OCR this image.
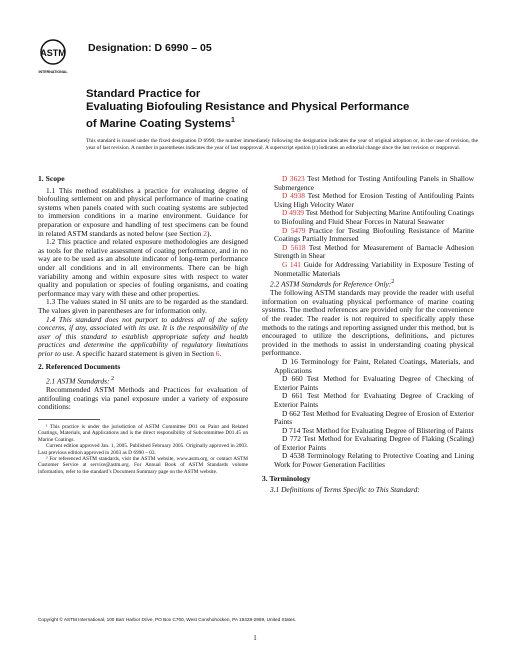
ASTM
INTERNATIONAL
Designation: D 6990 – 05
Standard Practice for
Evaluating Biofouling Resistance and Physical Performance
of Marine Coating Systems$^1$
This standard is issued under the fixed designation D 6990; the number immediately following the designation indicates the year of original adoption or, in the case of revision, the year of last revision. A number in parentheses indicates the year of last reapproval. A superscript epsilon (ε) indicates an editorial change since the last revision or reapproval.
1. Scope

1.1 This method establishes a practice for evaluating degree of biofouling settlement on and physical performance of marine coating systems when panels coated with such coating systems are subjected to immersion conditions in a marine environment. Guidance for preparation or exposure and handling of test specimens can be found in related ASTM standards as noted below (see Section 2).

1.2 This practice and related exposure methodologies are designed as tools for the relative assessment of coating performance, and in no way are to be used as an absolute indicator of long-term performance under all conditions and in all environments. There can be high variability among and within exposure sites with respect to water quality and population or species of fouling organisms, and coating performance may vary with these and other properties.

1.3 The values stated in SI units are to be regarded as the standard. The values given in parentheses are for information only.

1.4 This standard does not purport to address all of the safety concerns, if any, associated with its use. It is the responsibility of the user of this standard to establish appropriate safety and health practices and determine the applicability of regulatory limitations prior to use. A specific hazard statement is given in Section 6.

2. Referenced Documents

2.1 ASTM Standards: $^2$

Recommended ASTM Methods and Practices for evaluation of antifouling coatings via panel exposure under a variety of exposure conditions:

¹ This practice is under the jurisdiction of ASTM Committee D01 on Paint and Related Coatings, Materials, and Applications and is the direct responsibility of Subcommittee D01.45 on Marine Coatings.

Current edition approved Jan. 1, 2005. Published February 2005. Originally approved in 2003. Last previous edition approved in 2003 as D 6990 – 03.

² For referenced ASTM standards, visit the ASTM website, www.astm.org, or contact ASTM Customer Service at service@astm.org. For Annual Book of ASTM Standards volume information, refer to the standard’s Document Summary page on the ASTM website.

D 3623 Test Method for Testing Antifouling Panels in Shallow Submergence

D 4938 Test Method for Erosion Testing of Antifouling Paints Using High Velocity Water

D 4939 Test Method for Subjecting Marine Antifouling Coatings to Biofouling and Fluid Shear Forces in Natural Seawater

D 5479 Practice for Testing Biofouling Resistance of Marine Coatings Partially Immersed

D 5618 Test Method for Measurement of Barnacle Adhesion Strength in Shear

G 141 Guide for Addressing Variability in Exposure Testing of Nonmetallic Materials

2.2 ASTM Standards for Reference Only:$^2$

The following ASTM standards may provide the reader with useful information on evaluating physical performance of marine coating systems. The method references are provided only for the convenience of the reader. The reader is not required to specifically apply these methods to the ratings and reporting assigned under this method, but is encouraged to utilize the descriptions, definitions, and pictures provided in the methods to assist in understanding coating physical performance.

D 16 Terminology for Paint, Related Coatings, Materials, and Applications

D 660 Test Method for Evaluating Degree of Checking of Exterior Paints

D 661 Test Method for Evaluating Degree of Cracking of Exterior Paints

D 662 Test Method for Evaluating Degree of Erosion of Exterior Paints

D 714 Test Method for Evaluating Degree of Blistering of Paints

D 772 Test Method for Evaluating Degree of Flaking (Scaling) of Exterior Paints

D 4538 Terminology Relating to Protective Coating and Lining Work for Power Generation Facilities

3. Terminology

3.1 Definitions of Terms Specific to This Standard:

Copyright © ASTM International, 100 Barr Harbor Drive, PO Box C700, West Conshohocken, PA 19428-2959, United States.
1
